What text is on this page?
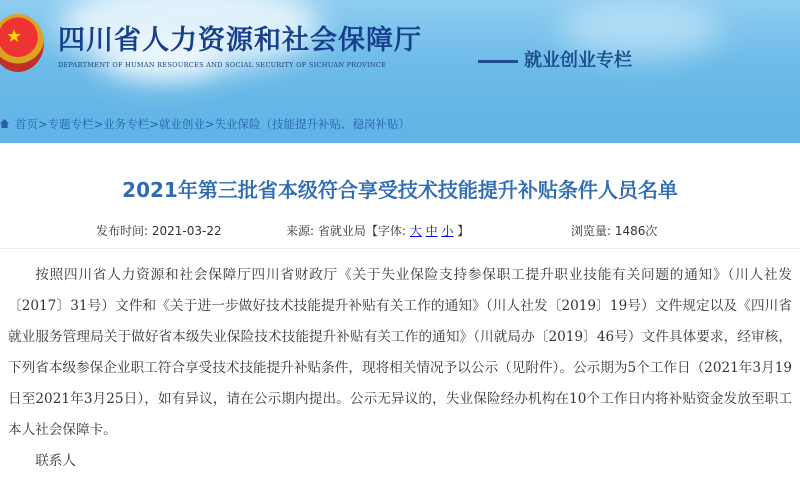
★ 四川省人力资源和社会保障厅
DEPARTMENT OF HUMAN RESOURCES AND SOCIAL SECURITY OF SICHUAN PROVINCE	就业创业专栏
首页>专题专栏>业务专栏>就业创业>失业保险（技能提升补贴、稳岗补贴）
2021年第三批省本级符合享受技术技能提升补贴条件人员名单
发布时间: 2021-03-22	来源: 省就业局【字体: 大 中 小 】	浏览量: 1486次

按照四川省人力资源和社会保障厅四川省财政厅《关于失业保险支持参保职工提升职业技能有关问题的通知》（川人社发〔2017〕31号）文件和《关于进一步做好技术技能提升补贴有关工作的通知》（川人社发〔2019〕19号）文件规定以及《四川省就业服务管理局关于做好省本级失业保险技术技能提升补贴有关工作的通知》（川就局办〔2019〕46号）文件具体要求，经审核，下列省本级参保企业职工符合享受技术技能提升补贴条件，现将相关情况予以公示（见附件）。公示期为5个工作日（2021年3月19日至2021年3月25日），如有异议，请在公示期内提出。公示无异议的，失业保险经办机构在10个工作日内将补贴资金发放至职工本人社会保障卡。

联系人
